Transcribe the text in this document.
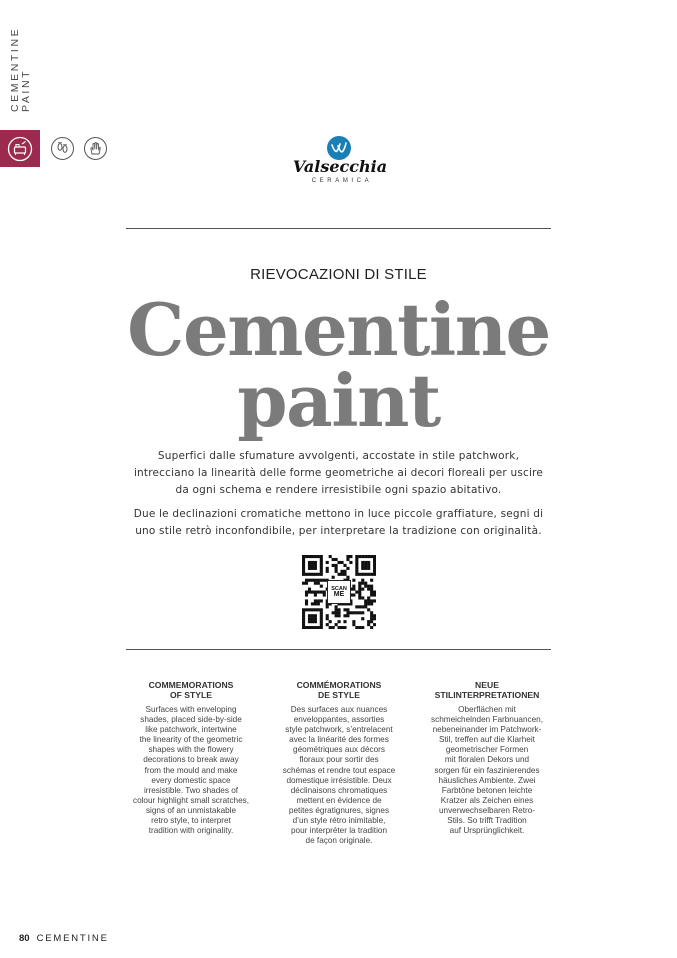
CEMENTINE PAINT
Valsecchia
CERAMICA
RIEVOCAZIONI DI STILE
Cementine
paint

Superfici dalle sfumature avvolgenti, accostate in stile patchwork, intrecciano la linearità delle forme geometriche ai decori floreali per uscire da ogni schema e rendere irresistibile ogni spazio abitativo.

Due le declinazioni cromatiche mettono in luce piccole graffiature, segni di uno stile retrò inconfondibile, per interpretare la tradizione con originalità.

SCAN
ME
COMMEMORATIONS
OF STYLE

Surfaces with enveloping
shades, placed side-by-side
like patchwork, intertwine
the linearity of the geometric
shapes with the flowery
decorations to break away
from the mould and make
every domestic space
irresistible. Two shades of
colour highlight small scratches,
signs of an unmistakable
retro style, to interpret
tradition with originality.

COMMÉMORATIONS
DE STYLE

Des surfaces aux nuances
enveloppantes, assorties
style patchwork, s’entrelacent
avec la linéarité des formes
géométriques aux décors
floraux pour sortir des
schémas et rendre tout espace
domestique irrésistible. Deux
déclinaisons chromatiques
mettent en évidence de
petites égratignures, signes
d’un style rétro inimitable,
pour interpréter la tradition
de façon originale.

NEUE
STILINTERPRETATIONEN

Oberflächen mit
schmeichelnden Farbnuancen,
nebeneinander im Patchwork-
Stil, treffen auf die Klarheit
geometrischer Formen
mit floralen Dekors und
sorgen für ein faszinierendes
häusliches Ambiente. Zwei
Farbtöne betonen leichte
Kratzer als Zeichen eines
unverwechselbaren Retro-
Stils. So trifft Tradition
auf Ursprünglichkeit.

80 CEMENTINE
